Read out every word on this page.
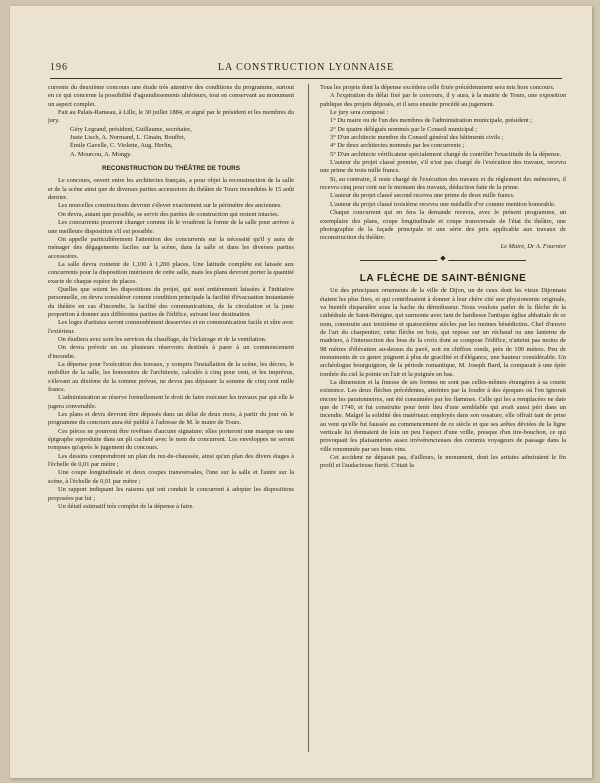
196	LA CONSTRUCTION LYONNAISE

currents du deuxième concours une étude très attentive des conditions du programme, surtout en ce qui concerne la possibilité d'agrandissements ultérieurs, tout en conservant au monument un aspect complet.

Fait au Palais-Rameau, à Lille, le 30 juillet 1884, et signé par le président et les membres du jury.

Géry Legrand, président, Guillaume, secrétaire,

Juste Lisch, A. Normand, L. Ginain, Bouffet,

Émile Gavelle, C. Violette, Aug. Herlin,

A. Mourcou, A. Mongy.

RECONSTRUCTION DU THÉÂTRE DE TOURS

Le concours, ouvert entre les architectes français, a pour objet la reconstruction de la salle et de la scène ainsi que de diverses parties accessoires du théâtre de Tours incendiées le 15 août dernier.

Les nouvelles constructions devront s'élever exactement sur le périmètre des anciennes.

On devra, autant que possible, se servir des parties de construction qui restent intactes.

Les concurrents pourront changer comme ils le voudront la forme de la salle pour arriver à une meilleure disposition s'il est possible.

On appelle particulièrement l'attention des concurrents sur la nécessité qu'il y aura de ménager des dégagements faciles sur la scène, dans la salle et dans les diverses parties accessoires.

La salle devra contenir de 1,100 à 1,200 places. Une latitude complète est laissée aux concurrents pour la disposition intérieure de cette salle, mais les plans devront porter la quantité exacte de chaque espèce de places.

Quelles que soient les dispositions du projet, qui sont entièrement laissées à l'initiative personnelle, on devra considérer comme condition principale la facilité d'évacuation instantanée du théâtre en cas d'incendie, la facilité des communications, de la circulation et la juste proportion à donner aux différentes parties de l'édifice, suivant leur destination.

Les loges d'artistes seront commodément desservies et en communication facile et sûre avec l'extérieur.

On étudiera avec soin les services du chauffage, de l'éclairage et de la ventilation.

On devra prévoir un ou plusieurs réservoirs destinés à parer à un commencement d'incendie.

La dépense pour l'exécution des travaux, y compris l'installation de la scène, les décors, le mobilier de la salle, les honoraires de l'architecte, calculés à cinq pour cent, et les imprévus, s'élevant au dixième de la somme prévue, ne devra pas dépasser la somme de cinq cent mille francs.

L'administration se réserve formellement le droit de faire exécuter les travaux par qui elle le jugera convenable.

Les plans et devis devront être déposés dans un délai de deux mois, à partir du jour où le programme du concours aura été publié à l'adresse de M. le maire de Tours.

Ces pièces ne pourront être revêtues d'aucune signature; elles porteront une marque ou une épigraphe reproduite dans un pli cacheté avec le nom du concurrent. Les enveloppes ne seront rompues qu'après le jugement du concours.

Les dessins comprendront un plan du rez-de-chaussée, ainsi qu'un plan des divers étages à l'échelle de 0,01 par mètre ;

Une coupe longitudinale et deux coupes transversales, l'une sur la salle et l'autre sur la scène, à l'échelle de 0,01 par mètre ;

Un rapport indiquant les raisons qui ont conduit le concurrent à adopter les dispositions proposées par lui ;

Un détail estimatif très complet de la dépense à faire.

Tous les projets dont la dépense excédera celle fixée précédemment sera mis hors concours.

A l'expiration du délai fixé par le concours, il y aura, à la mairie de Tours, une exposition publique des projets déposés, et il sera ensuite procédé au jugement.

Le jury sera composé :

1° Du maire ou de l'un des membres de l'administration municipale, président ;

2° De quatre délégués nommés par le Conseil municipal ;

3° D'un architecte membre du Conseil général des bâtiments civils ;

4° De deux architectes nommés par les concurrents ;

5° D'un architecte vérificateur spécialement chargé de contrôler l'exactitude de la dépense.

L'auteur du projet classé premier, s'il n'est pas chargé de l'exécution des travaux, recevra une prime de trois mille francs.

Si, au contraire, il reste chargé de l'exécution des travaux et du règlement des mémoires, il recevra cinq pour cent sur le montant des travaux, déduction faite de la prime.

L'auteur du projet classé second recevra une prime de deux mille francs.

L'auteur du projet classé troisième recevra une médaille d'or comme mention honorable.

Chaque concurrent qui en fera la demande recevra, avec le présent programme, un exemplaire des plans, coupe longitudinale et coupe transversale de l'état du théâtre, une photographie de la façade principale et une série des prix applicable aux travaux de reconstruction du théâtre.

Le Maire, Dr A. Fournier

◆
LA FLÈCHE DE SAINT-BÉNIGNE

Un des principaux ornements de la ville de Dijon, un de ceux dont les vieux Dijonnais étaient les plus fiers, et qui contribuaient à donner à leur chère cité une physionomie originale, va bientôt disparaître sous la hache du démolisseur. Nous voulons parler de la flèche de la cathédrale de Saint-Bénigne, qui surmonte avec tant de hardiesse l'antique église abbatiale de ce nom, construite aux treizième et quatorzième siècles par les moines bénédictins. Chef d'œuvre de l'art du charpentier, cette flèche en bois, qui repose sur un réchaud ou une lanterne de madriers, à l'intersection des bras de la croix dont se compose l'édifice, n'atteint pas moins de 98 mètres d'élévation au-dessus du pavé, soit en chiffres ronds, près de 100 mètres. Peu de monuments de ce genre joignent à plus de gracilité et d'élégance, une hauteur considérable. Un archéologue bourguignon, de la période romantique, M. Joseph Bard, la comparait à une épée tombée du ciel la pointe en l'air et la poignée en bas.

La dimension et la finesse de ses formes ne sont pas celles-mêmes étrangères à sa courte existence. Les deux flèches précédentes, atteintes par la foudre à des époques où l'on ignorait encore les paratonnerres, ont été consumées par les flammes. Celle qui les a remplacées ne date que de 1740, et fut construite pour tenir lieu d'une semblable qui avait aussi péri dans un incendie. Malgré la solidité des matériaux employés dans son ossature, elle offrait tant de prise au vent qu'elle fut faussée au commencement de ce siècle et que ses arêtes déviées de la ligne verticale lui donnaient de loin un peu l'aspect d'une vrille, presque d'un tire-bouchon, ce qui provoquait les plaisanteries assez irrévérencieuses des commis voyageurs de passage dans la ville renommée par ses bons vins.

Cet accident ne déparait pas, d'ailleurs, le monument, dont les artistes admiraient le fin profil et l'audacieuse fierté. C'était la
